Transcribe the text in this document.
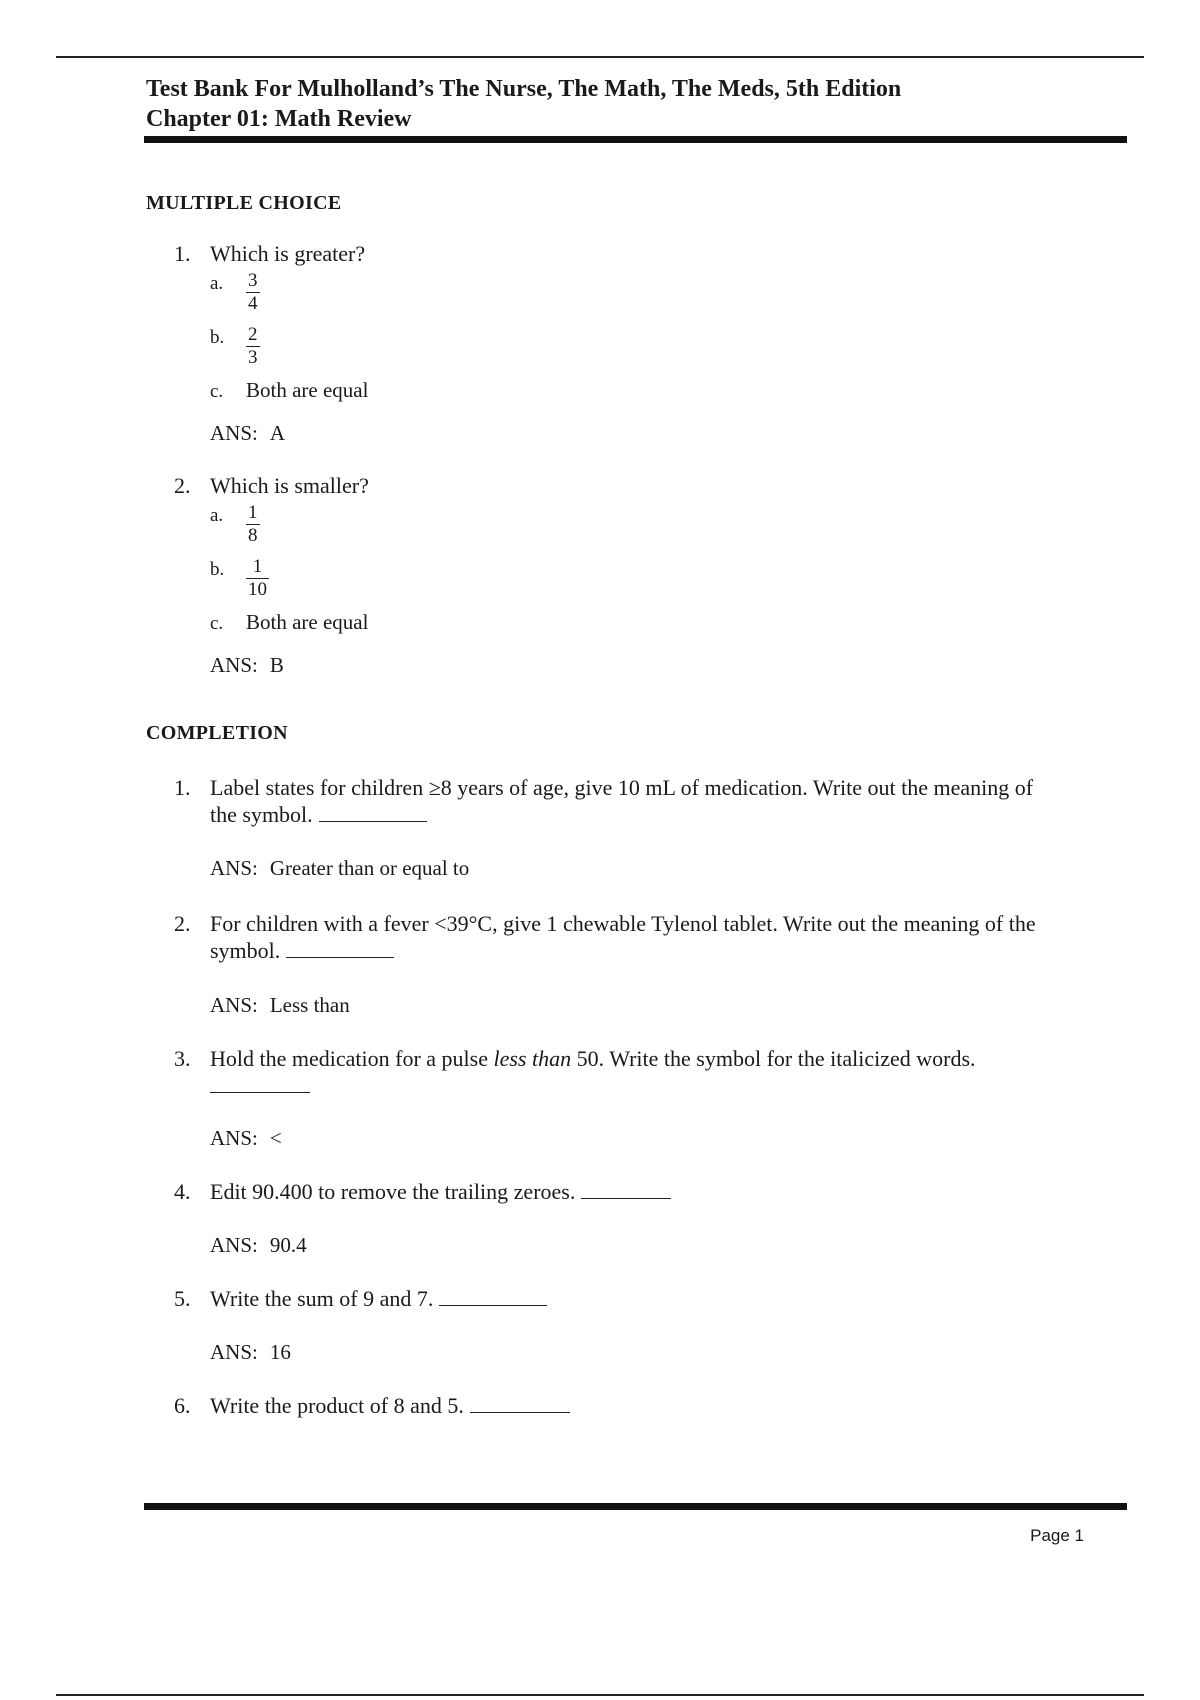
Test Bank For Mulholland’s The Nurse, The Math, The Meds, 5th Edition
Chapter 01: Math Review
MULTIPLE CHOICE
1. Which is greater?
a.	$\frac{3}{4}$
b.	$\frac{2}{3}$
c. Both are equal
ANS: A
2. Which is smaller?
a.	$\frac{1}{8}$
b.	$\frac{1}{10}$
c. Both are equal
ANS: B
COMPLETION
1. Label states for children ≥8 years of age, give 10 mL of medication. Write out the meaning of
the symbol.
ANS: Greater than or equal to
2. For children with a fever <39°C, give 1 chewable Tylenol tablet. Write out the meaning of the
symbol.
ANS: Less than
3. Hold the medication for a pulse less than 50. Write the symbol for the italicized words.
ANS: <
4. Edit 90.400 to remove the trailing zeroes.
ANS: 90.4
5. Write the sum of 9 and 7.
ANS: 16
6. Write the product of 8 and 5.
Page 1
